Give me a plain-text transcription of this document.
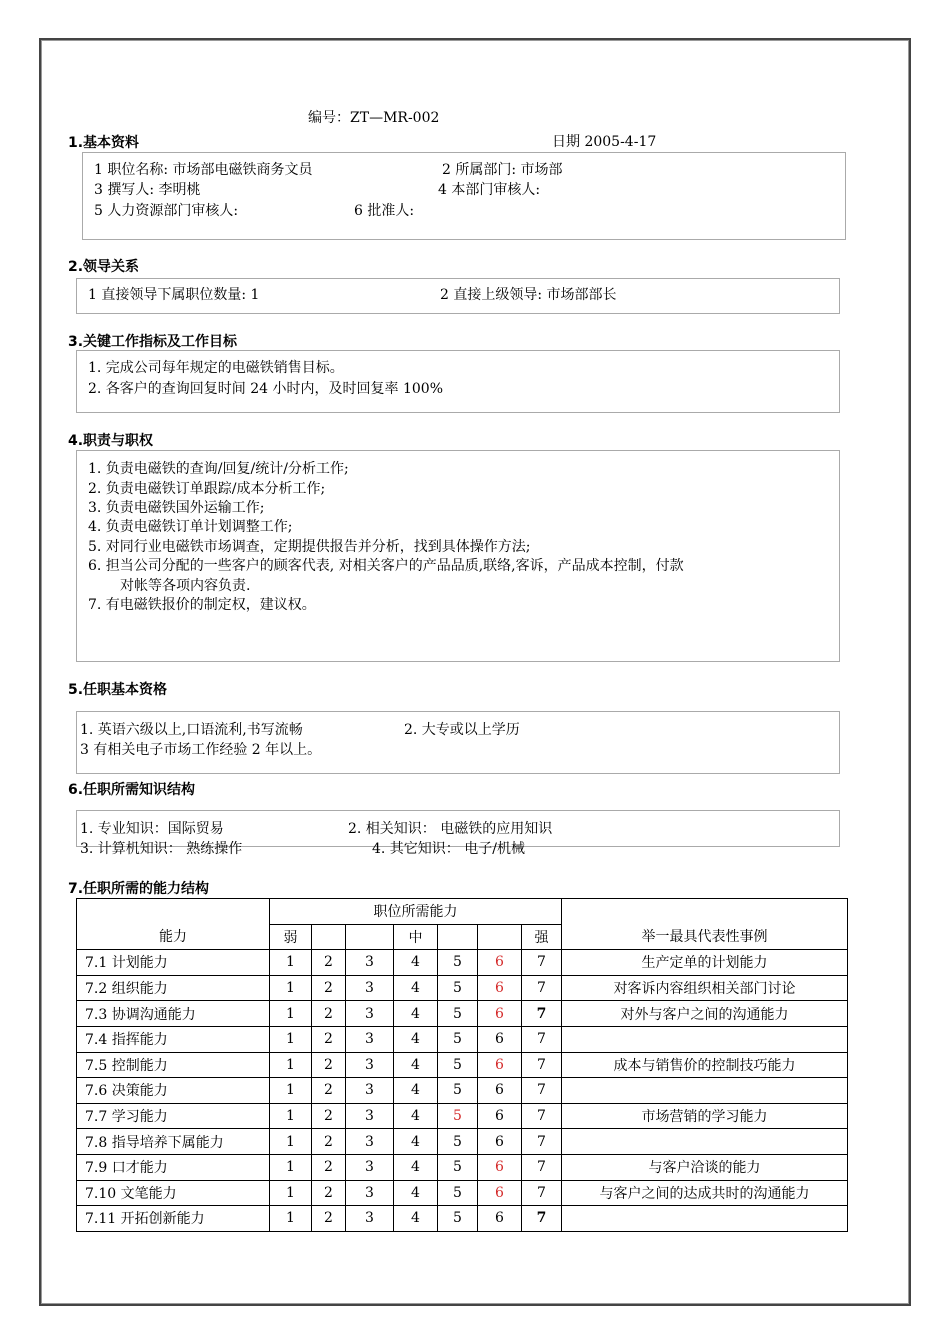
编号：ZT—MR-002
1.基本资料	日期 2005-4-17
1 职位名称: 市场部电磁铁商务文员	2 所属部门: 市场部
3 撰写人: 李明桃	4 本部门审核人:
5 人力资源部门审核人:	6 批准人:
2.领导关系
1 直接领导下属职位数量: 1	2 直接上级领导: 市场部部长
3.关键工作指标及工作目标
1. 完成公司每年规定的电磁铁销售目标。
2. 各客户的查询回复时间 24 小时内，及时回复率 100%
4.职责与职权
1. 负责电磁铁的查询/回复/统计/分析工作;
2. 负责电磁铁订单跟踪/成本分析工作;
3. 负责电磁铁国外运输工作;
4. 负责电磁铁订单计划调整工作;
5. 对同行业电磁铁市场调查，定期提供报告并分析，找到具体操作方法;
6. 担当公司分配的一些客户的顾客代表, 对相关客户的产品品质,联络,客诉，产品成本控制，付款
对帐等各项内容负责.
7. 有电磁铁报价的制定权，建议权。
5.任职基本资格
1. 英语六级以上,口语流利,书写流畅	2. 大专或以上学历
3 有相关电子市场工作经验 2 年以上。
6.任职所需知识结构
1. 专业知识：国际贸易	2. 相关知识： 电磁铁的应用知识
3. 计算机知识： 熟练操作	4. 其它知识： 电子/机械
7.任职所需的能力结构
能力	职位所需能力							举一最具代表性事例
	弱			中			强	
7.1 计划能力	1	2	3	4	5	6	7	生产定单的计划能力
7.2 组织能力	1	2	3	4	5	6	7	对客诉内容组织相关部门讨论
7.3 协调沟通能力	1	2	3	4	5	6	7	对外与客户之间的沟通能力
7.4 指挥能力	1	2	3	4	5	6	7	
7.5 控制能力	1	2	3	4	5	6	7	成本与销售价的控制技巧能力
7.6 决策能力	1	2	3	4	5	6	7	
7.7 学习能力	1	2	3	4	5	6	7	市场营销的学习能力
7.8 指导培养下属能力	1	2	3	4	5	6	7	
7.9 口才能力	1	2	3	4	5	6	7	与客户洽谈的能力
7.10 文笔能力	1	2	3	4	5	6	7	与客户之间的达成共时的沟通能力
7.11 开拓创新能力	1	2	3	4	5	6	7	
